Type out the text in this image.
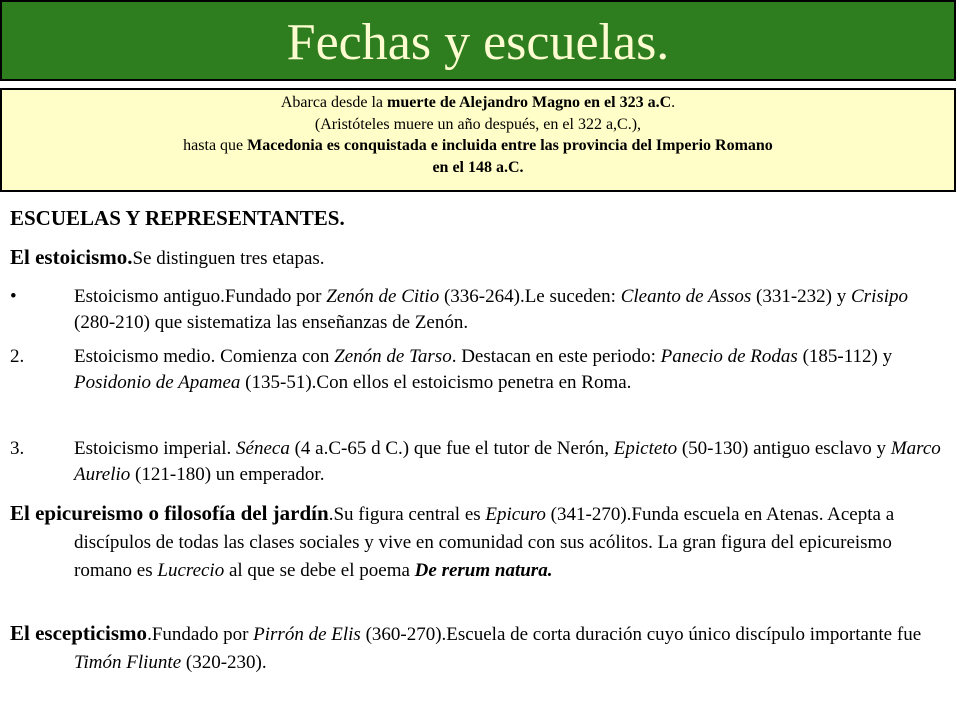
Fechas y escuelas.
Abarca desde la muerte de Alejandro Magno en el 323 a.C.
(Aristóteles muere un año después, en el 322 a,C.),
hasta que Macedonia es conquistada e incluida entre las provincia del Imperio Romano
en el 148 a.C.
ESCUELAS Y REPRESENTANTES.
El estoicismo.Se distinguen tres etapas.
•	Estoicismo antiguo.Fundado por Zenón de Citio (336-264).Le suceden: Cleanto de Assos (331-232) y Crisipo (280-210) que sistematiza las enseñanzas de Zenón.
2.	Estoicismo medio. Comienza con Zenón de Tarso. Destacan en este periodo: Panecio de Rodas (185-112) y Posidonio de Apamea (135-51).Con ellos el estoicismo penetra en Roma.
3.	Estoicismo imperial. Séneca (4 a.C-65 d C.) que fue el tutor de Nerón, Epicteto (50-130) antiguo esclavo y Marco Aurelio (121-180) un emperador.
El epicureismo o filosofía del jardín.Su figura central es Epicuro (341-270).Funda escuela en Atenas. Acepta a discípulos de todas las clases sociales y vive en comunidad con sus acólitos. La gran figura del epicureismo romano es Lucrecio al que se debe el poema De rerum natura.
El escepticismo.Fundado por Pirrón de Elis (360-270).Escuela de corta duración cuyo único discípulo importante fue Timón Fliunte (320-230).
